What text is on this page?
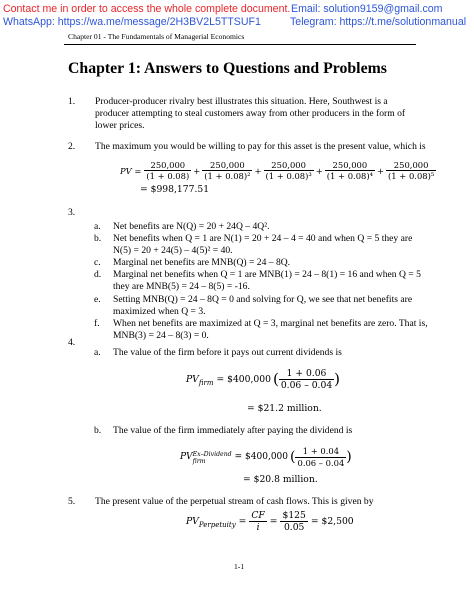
Contact me in order to access the whole complete document. Email: solution9159@gmail.com
WhatsApp: https://wa.me/message/2H3BV2L5TTSUF1	Telegram: https://t.me/solutionmanual
Chapter 01 - The Fundamentals of Managerial Economics
Chapter 1: Answers to Questions and Problems
1. Producer-producer rivalry best illustrates this situation. Here, Southwest is a
producer attempting to steal customers away from other producers in the form of
lower prices.
2. The maximum you would be willing to pay for this asset is the present value, which is
PV = $\frac{250,000}{(1 + 0.08)} + \frac{250,000}{\text{(1 + 0.08)²}} + \frac{250,000}{\text{(1 + 0.08)³}} + \frac{250,000}{\text{(1 + 0.08)⁴}} + \frac{250,000}{\text{(1 + 0.08)⁵}}$
= $998,177.51
3.
a. Net benefits are N(Q) = 20 + 24Q – 4Q².
b. Net benefits when Q = 1 are N(1) = 20 + 24 – 4 = 40 and when Q = 5 they are
N(5) = 20 + 24(5) – 4(5)² = 40.
c. Marginal net benefits are MNB(Q) = 24 – 8Q.
d. Marginal net benefits when Q = 1 are MNB(1) = 24 – 8(1) = 16 and when Q = 5
they are MNB(5) = 24 – 8(5) = -16.
e. Setting MNB(Q) = 24 – 8Q = 0 and solving for Q, we see that net benefits are
maximized when Q = 3.
f. When net benefits are maximized at Q = 3, marginal net benefits are zero. That is,
MNB(3) = 24 – 8(3) = 0.
4.
a. The value of the firm before it pays out current dividends is
PV firm = $400,000 ( $\frac{1 + 0.06}{0.06 - 0.04}$ )
= $21.2 million.
b. The value of the firm immediately after paying the dividend is
PV Ex–Dividend
firm	= $400,000 ( $\frac{1 + 0.04}{0.06 - 0.04}$ )
= $20.8 million.
5. The present value of the perpetual stream of cash flows. This is given by
PV Perpetuity = $\frac{CF}{i} = \frac{\$125}{0.05}$ = $2,500
1-1
